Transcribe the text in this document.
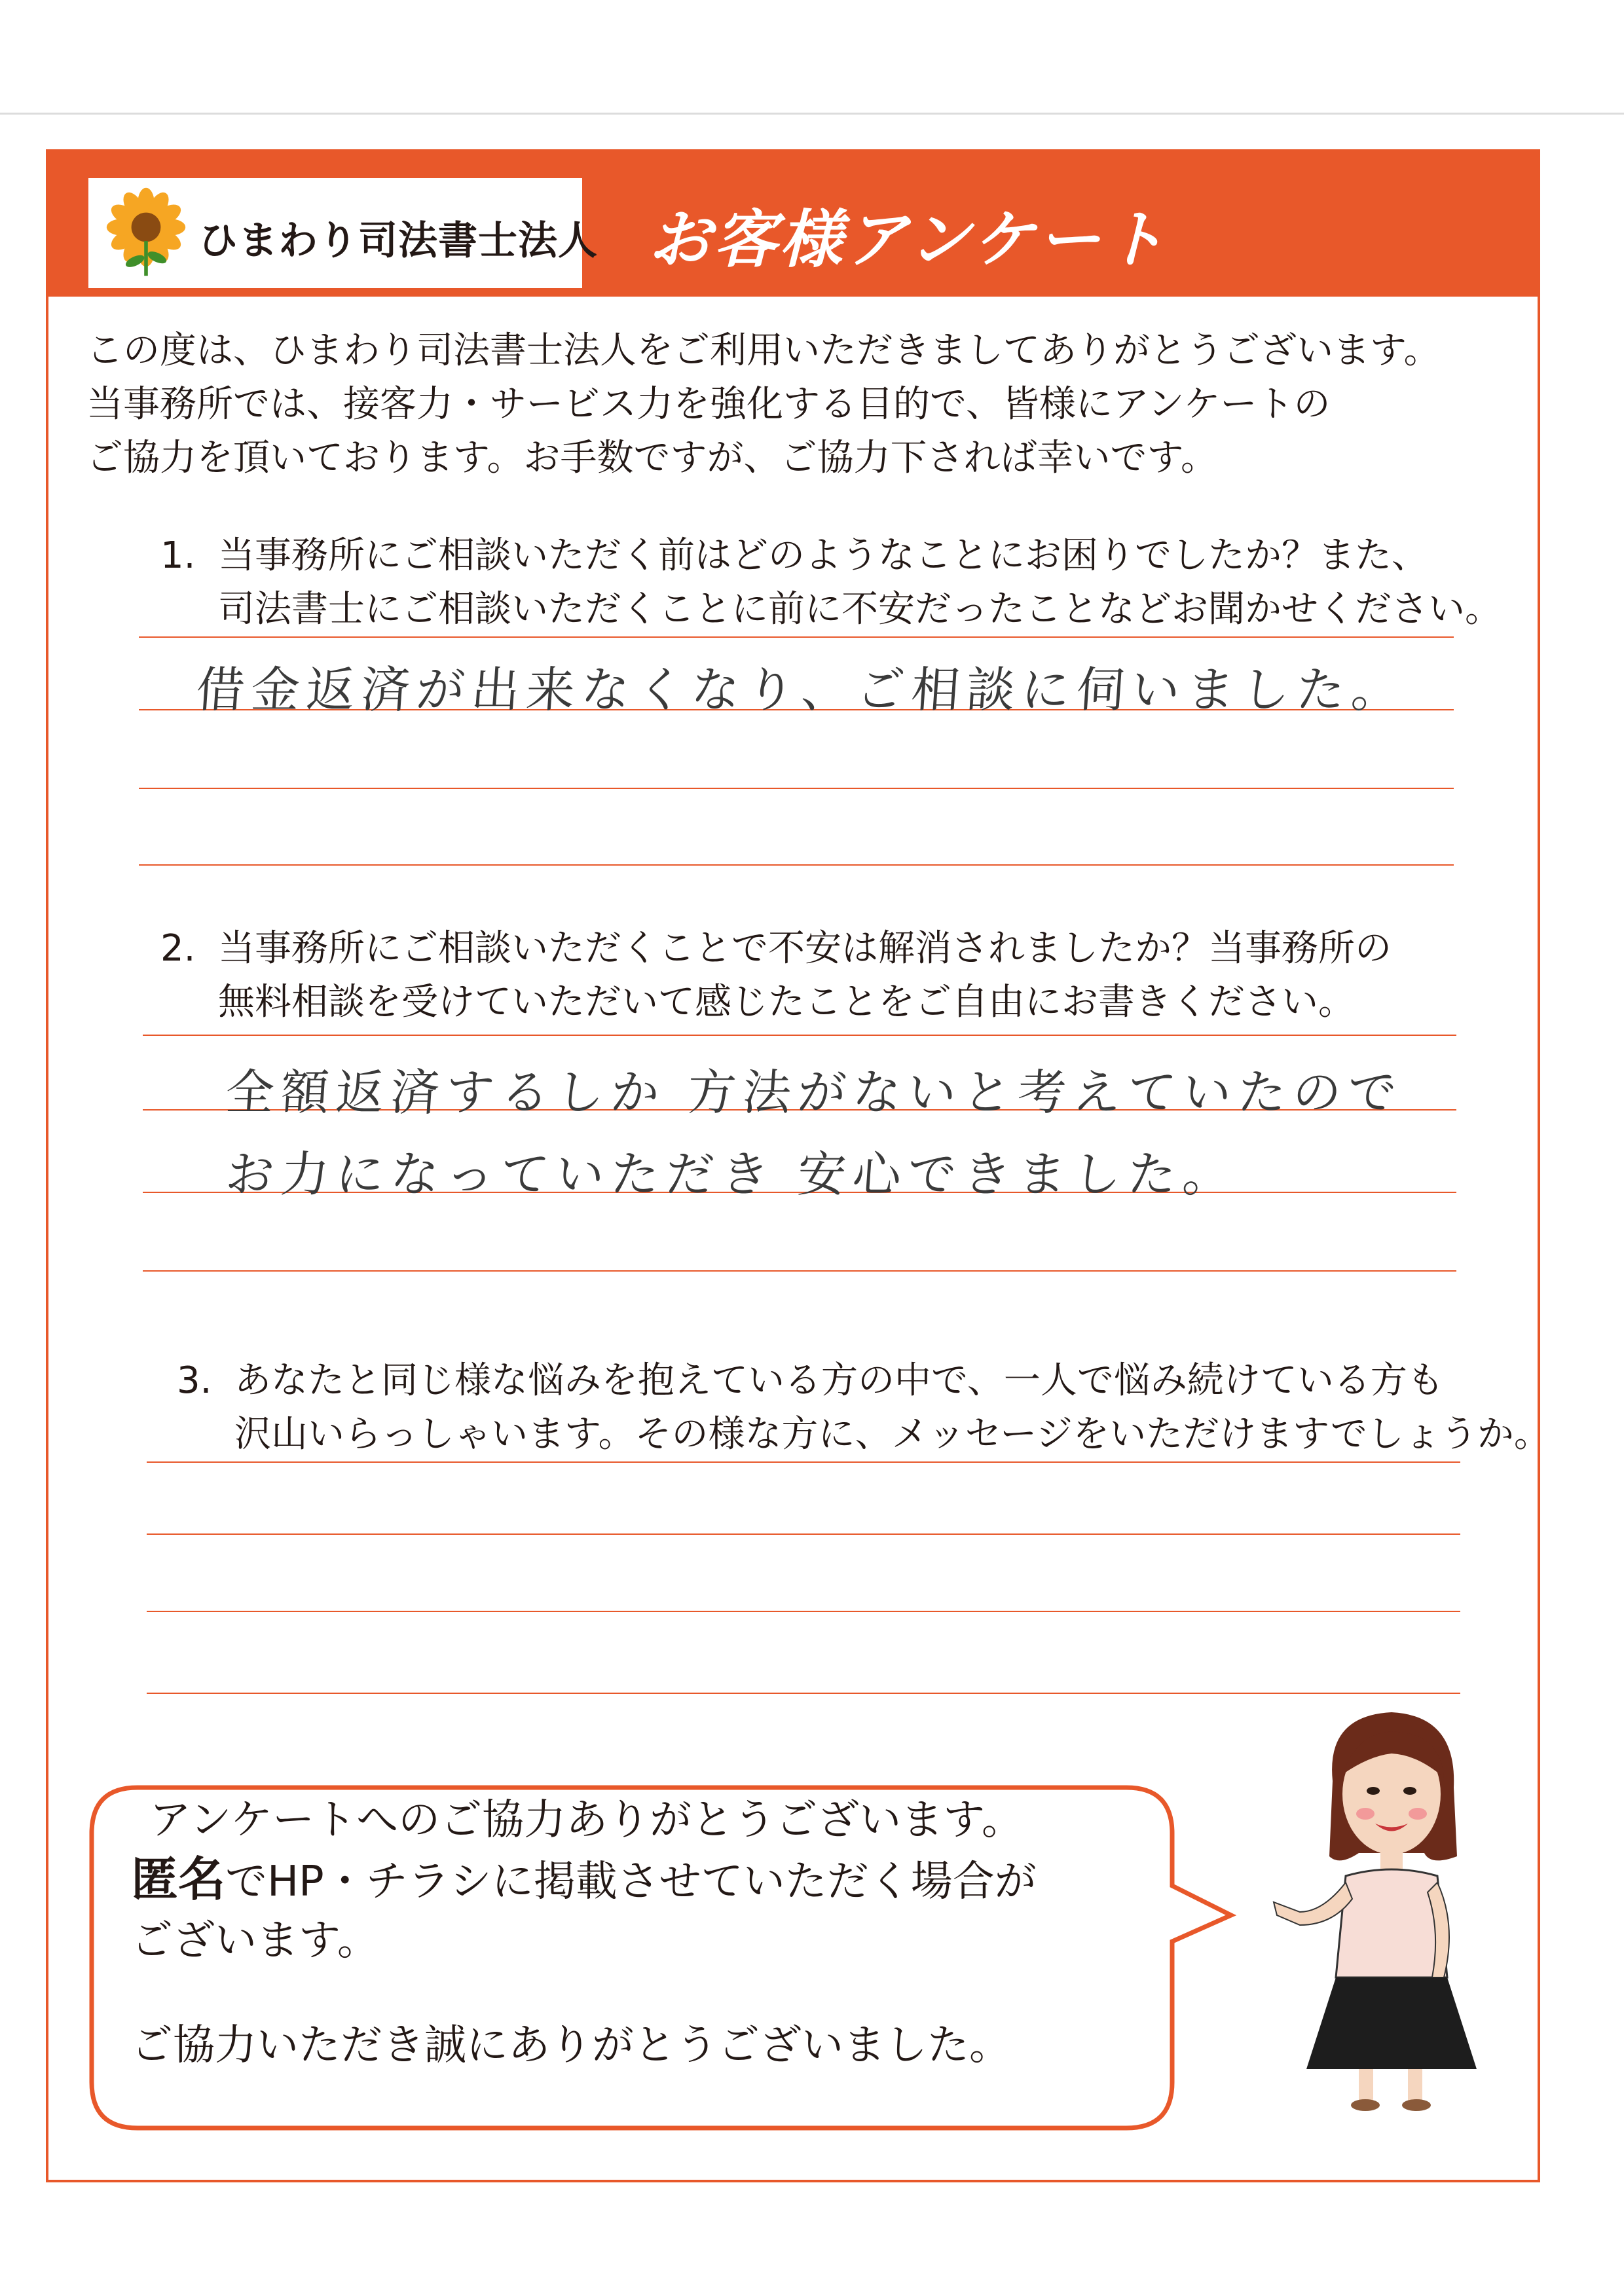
ひまわり司法書士法人 お客様アンケート
この度は、ひまわり司法書士法人をご利用いただきましてありがとうございます。
当事務所では、接客力・サービス力を強化する目的で、皆様にアンケートの
ご協力を頂いております。お手数ですが、ご協力下されば幸いです。
1. 当事務所にご相談いただく前はどのようなことにお困りでしたか？また、
司法書士にご相談いただくことに前に不安だったことなどお聞かせください。
借金返済が出来なくなり、ご相談に伺いました。
2. 当事務所にご相談いただくことで不安は解消されましたか？当事務所の
無料相談を受けていただいて感じたことをご自由にお書きください。
全額返済するしか 方法がないと考えていたので
お力になっていただき 安心できました。
3. あなたと同じ様な悩みを抱えている方の中で、一人で悩み続けている方も
沢山いらっしゃいます。その様な方に、メッセージをいただけますでしょうか。
アンケートへのご協力ありがとうございます。
匿名でHP・チラシに掲載させていただく場合が
ございます。
ご協力いただき誠にありがとうございました。
